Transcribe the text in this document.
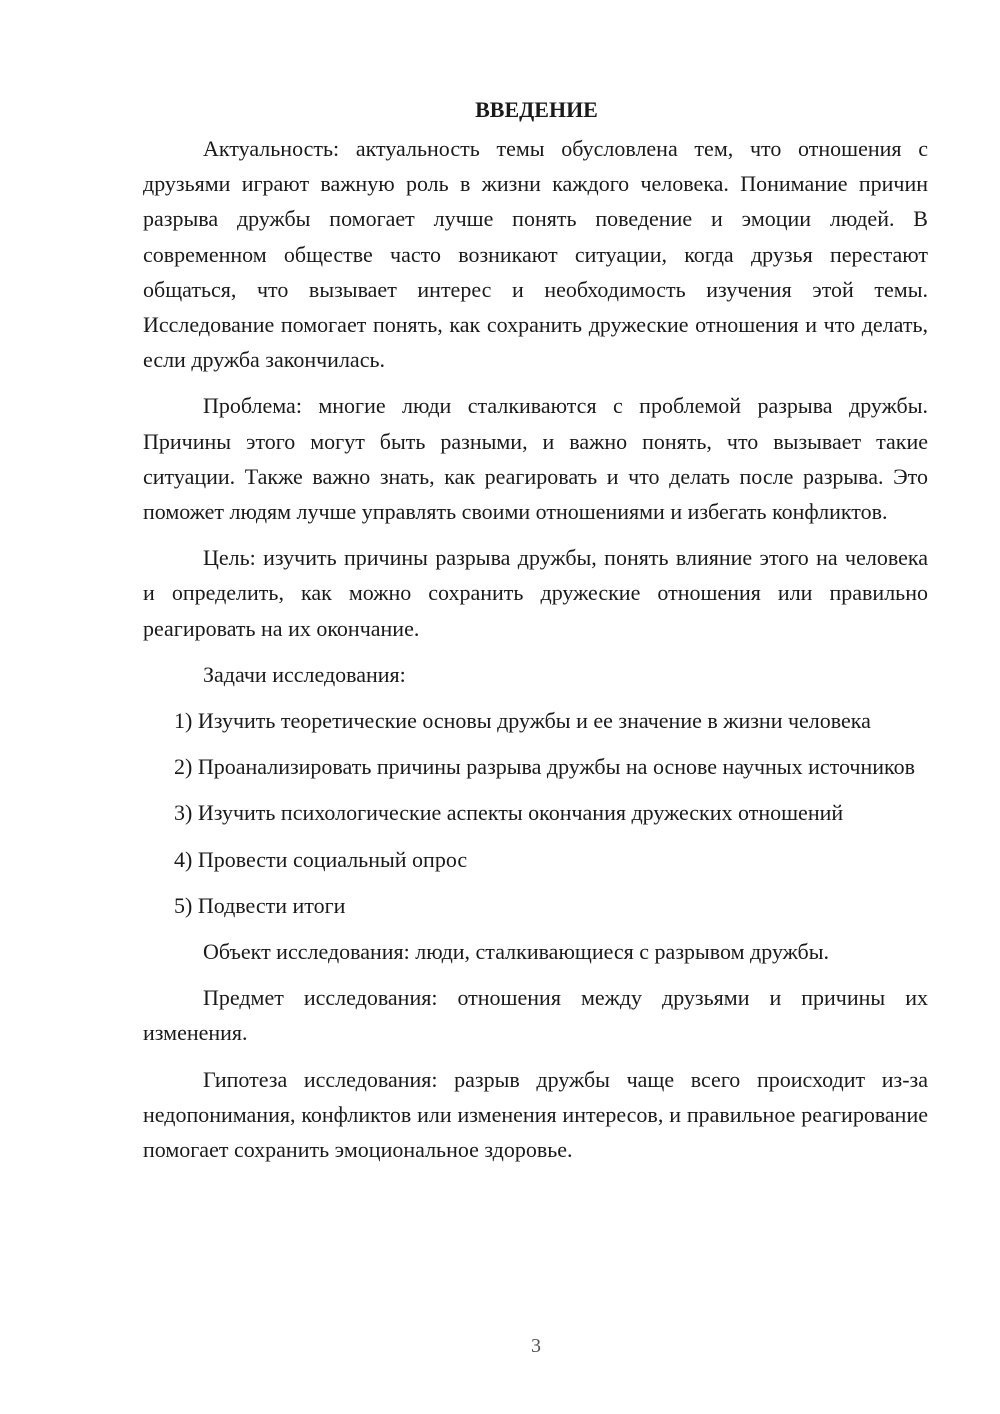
ВВЕДЕНИЕ

Актуальность: актуальность темы обусловлена тем, что отношения с друзьями играют важную роль в жизни каждого человека. Понимание причин разрыва дружбы помогает лучше понять поведение и эмоции людей. В современном обществе часто возникают ситуации, когда друзья перестают общаться, что вызывает интерес и необходимость изучения этой темы. Исследование помогает понять, как сохранить дружеские отношения и что делать, если дружба закончилась.

Проблема: многие люди сталкиваются с проблемой разрыва дружбы. Причины этого могут быть разными, и важно понять, что вызывает такие ситуации. Также важно знать, как реагировать и что делать после разрыва. Это поможет людям лучше управлять своими отношениями и избегать конфликтов.

Цель: изучить причины разрыва дружбы, понять влияние этого на человека и определить, как можно сохранить дружеские отношения или правильно реагировать на их окончание.

Задачи исследования:

1) Изучить теоретические основы дружбы и ее значение в жизни человека

2) Проанализировать причины разрыва дружбы на основе научных источников

3) Изучить психологические аспекты окончания дружеских отношений

4) Провести социальный опрос

5) Подвести итоги

Объект исследования: люди, сталкивающиеся с разрывом дружбы.

Предмет исследования: отношения между друзьями и причины их изменения.

Гипотеза исследования: разрыв дружбы чаще всего происходит из-за недопонимания, конфликтов или изменения интересов, и правильное реагирование помогает сохранить эмоциональное здоровье.

3
